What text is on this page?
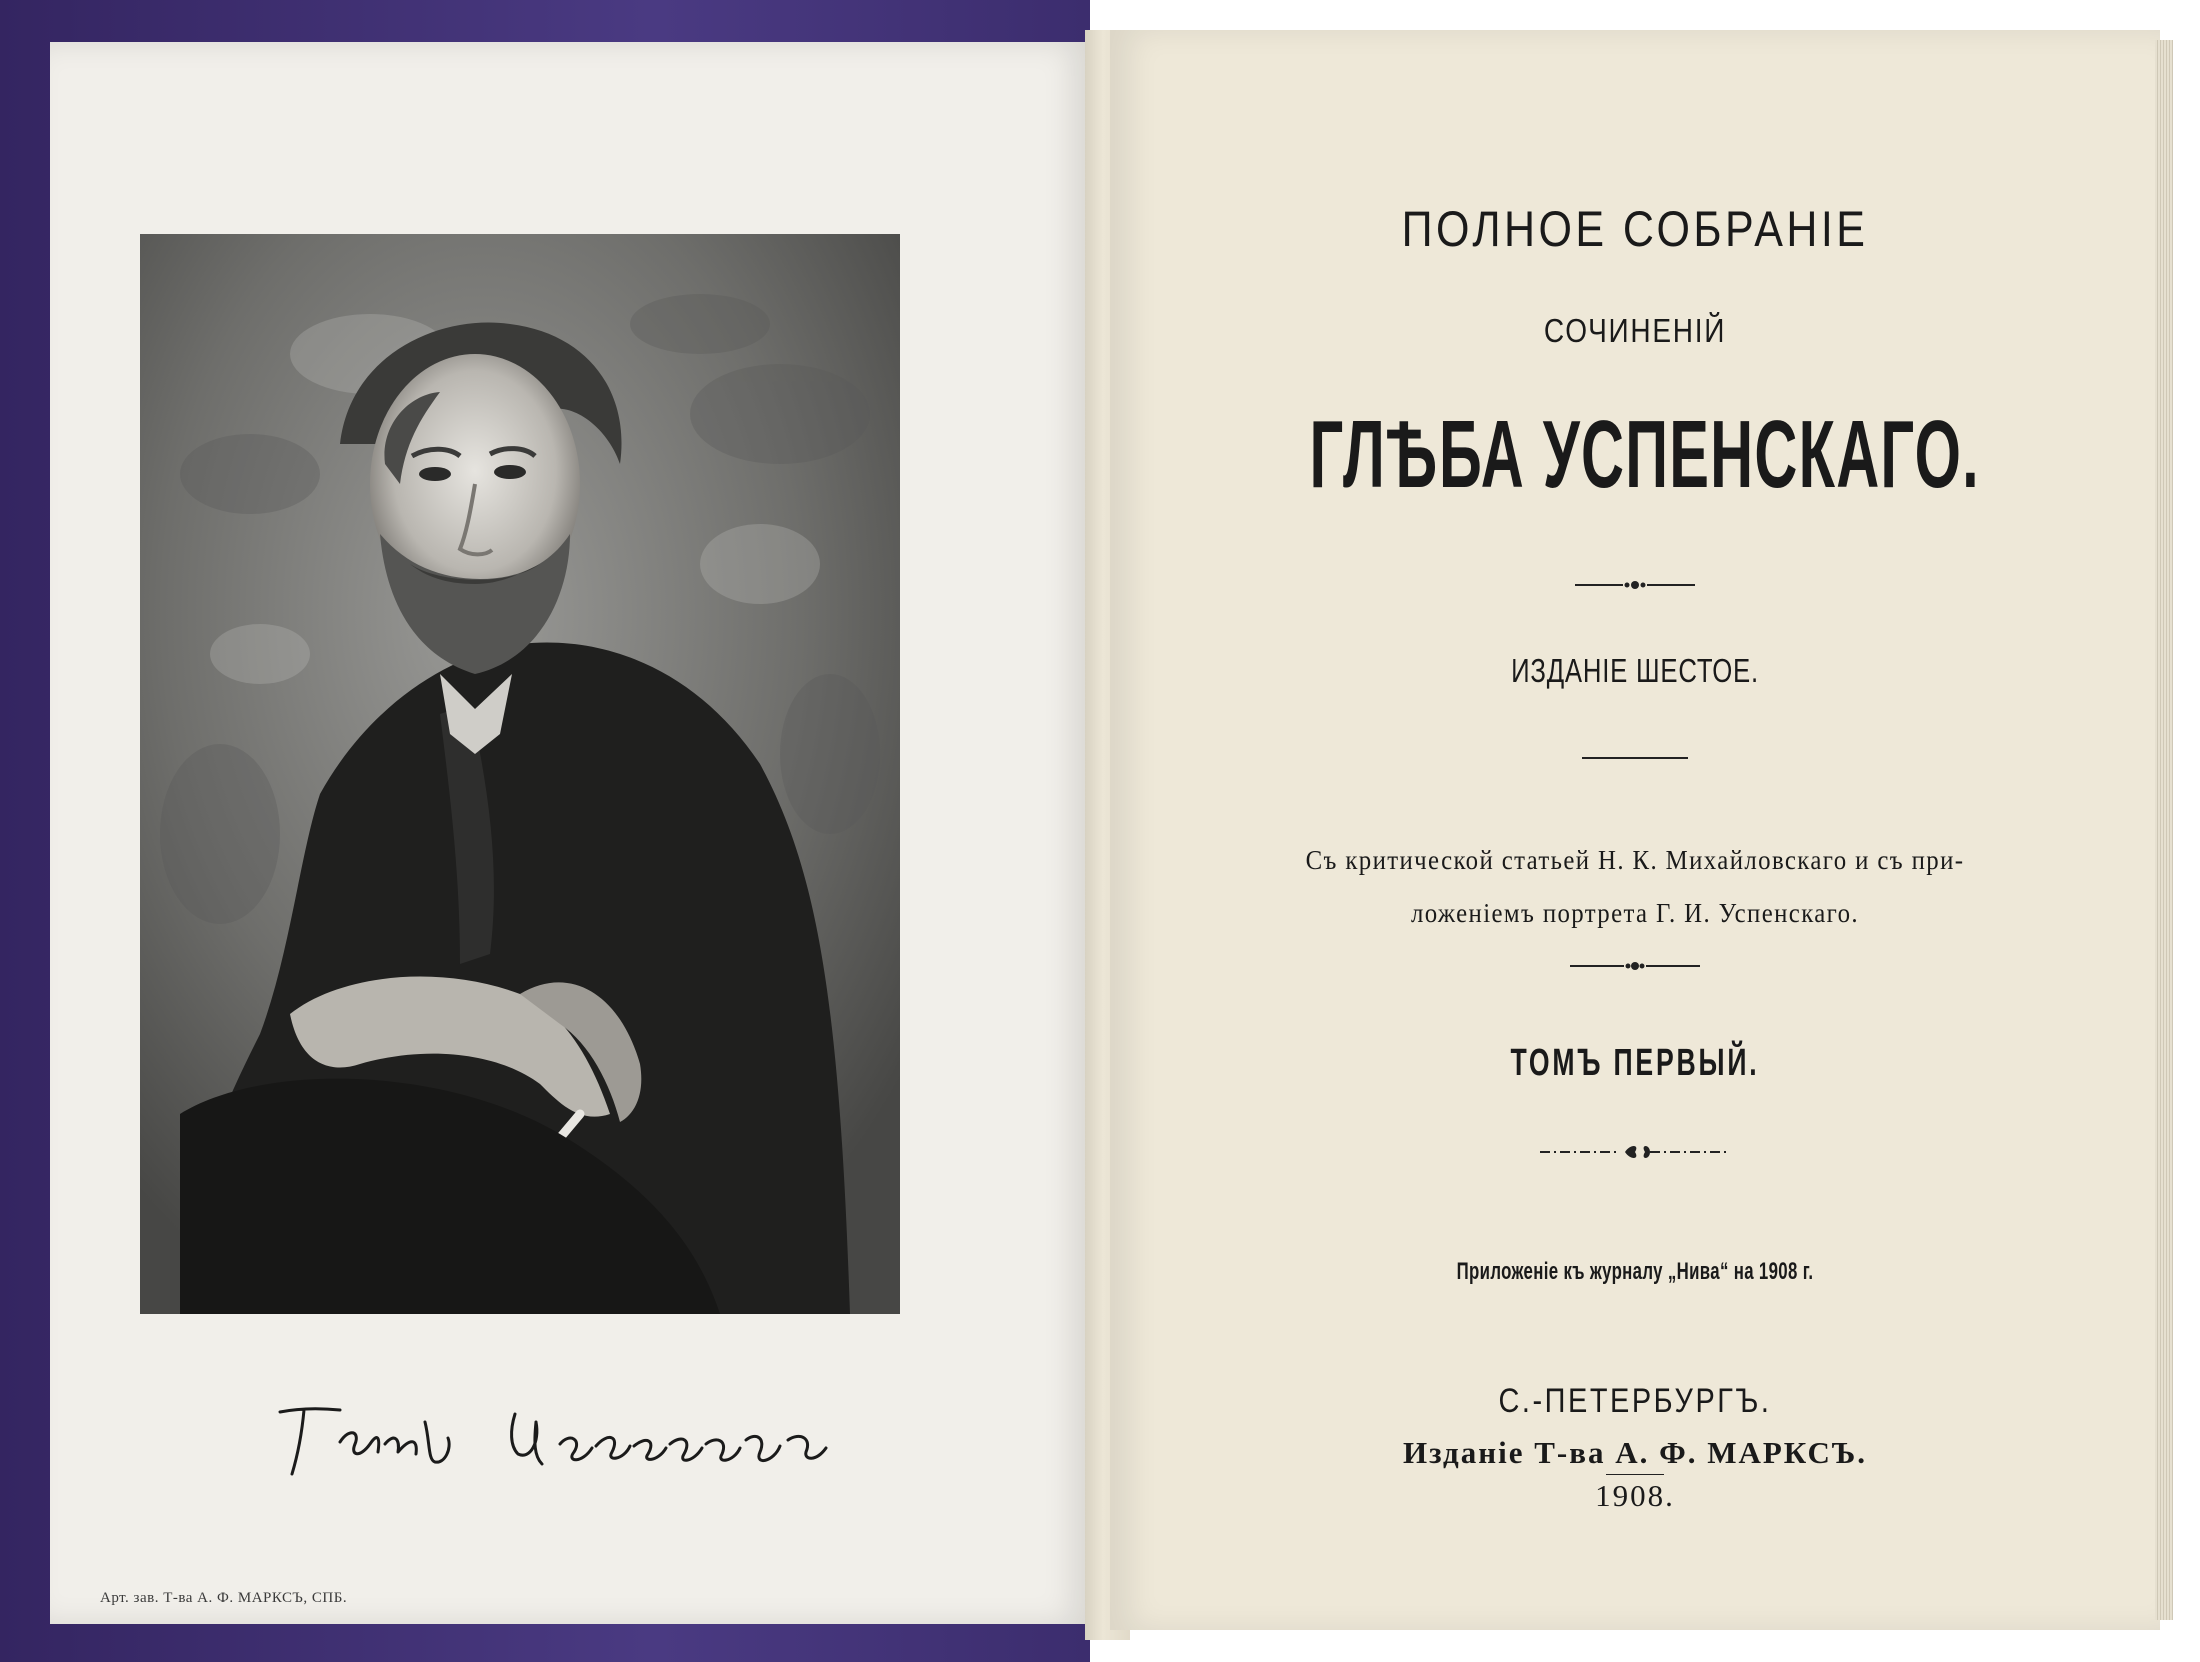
Арт. зав. Т-ва А. Ф. МАРКСЪ, СПБ.
ПОЛНОЕ СОБРАНІЕ
СОЧИНЕНІЙ
ГЛѢБА УСПЕНСКАГО.
ИЗДАНІЕ ШЕСТОЕ.
Съ критической статьей Н. К. Михайловскаго и съ при-
ложеніемъ портрета Г. И. Успенскаго.
ТОМЪ ПЕРВЫЙ.
Приложеніе къ журналу „Нива“ на 1908 г.
С.-ПЕТЕРБУРГЪ.
Изданіе Т-ва А. Ф. МАРКСЪ.
1908.
